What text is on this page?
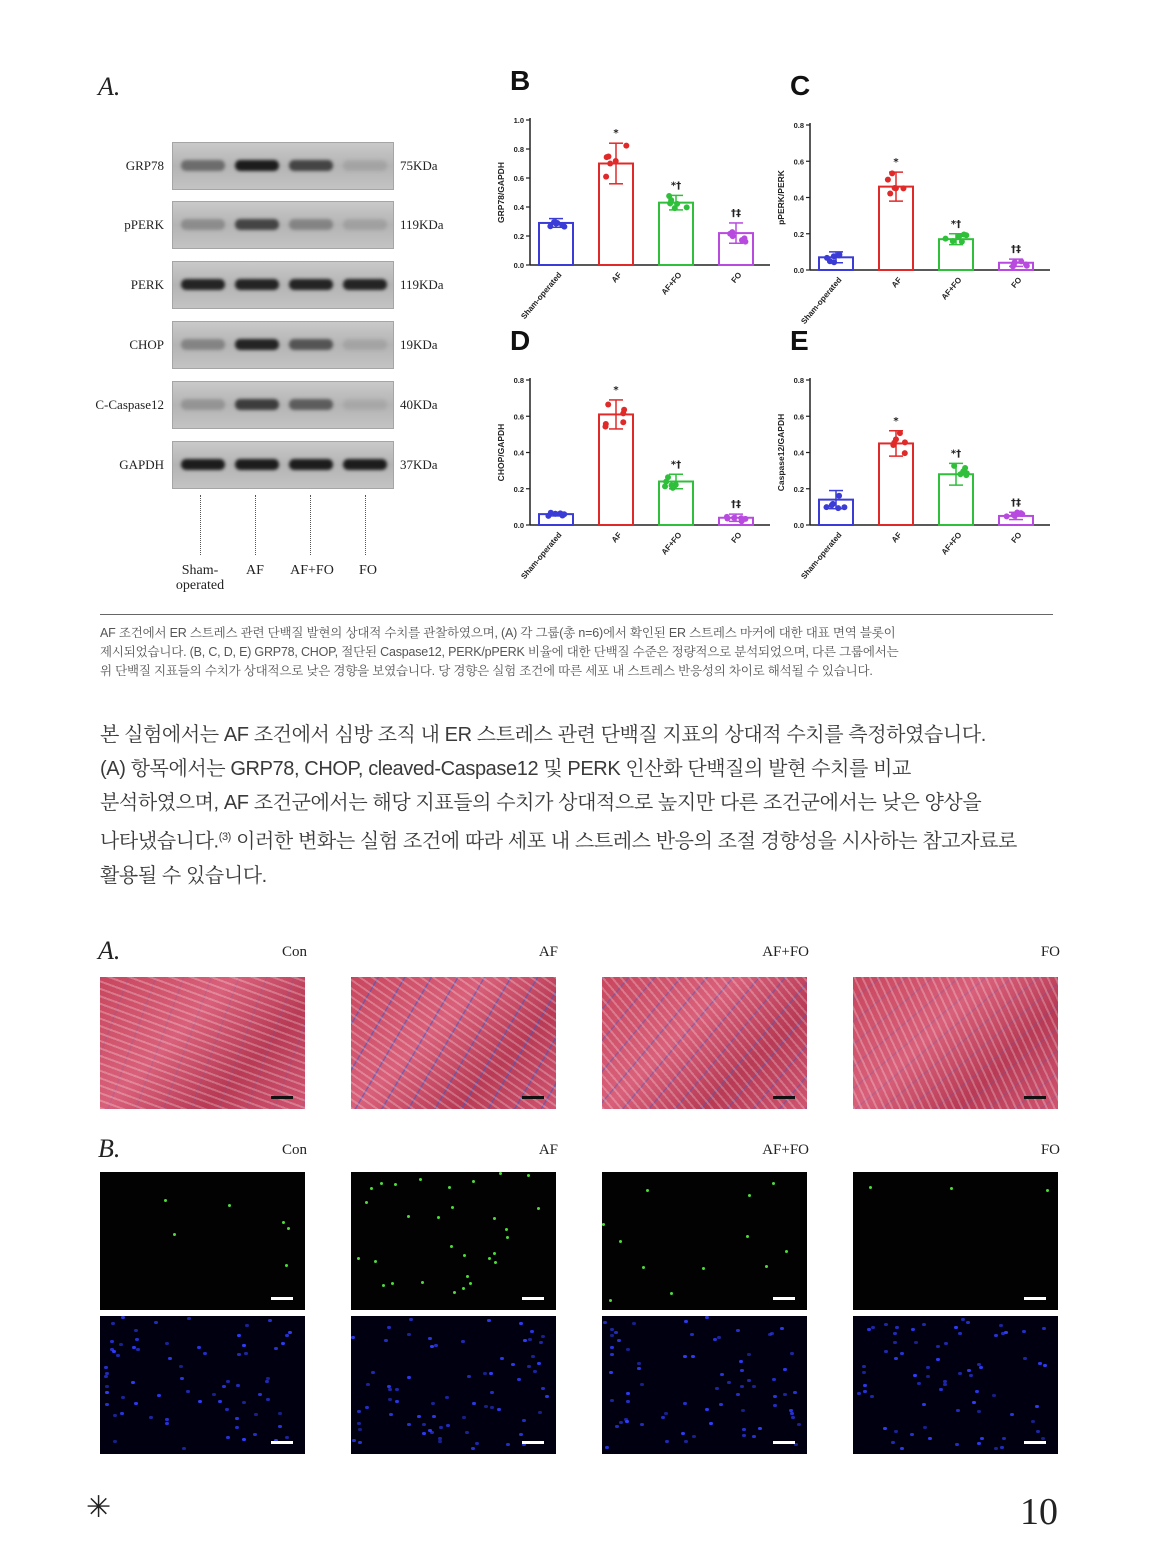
A.
GRP78	75KDa
pPERK	119KDa
PERK	119KDa
CHOP	19KDa
C-Caspase12	40KDa
GAPDH	37KDa
Sham-
operated
AF	AF+FO	FO
B
0.0
0.2
0.4
0.6
0.8
1.0
GRP78/GAPDH
Sham-operated
*
AF
*†
AF+FO
†‡
FO
C
0.0
0.2
0.4
0.6
0.8
pPERK/PERK
Sham-operated
*
AF
*†
AF+FO
†‡
FO
D
0.0
0.2
0.4
0.6
0.8
CHOP/GAPDH
Sham-operated
*
AF
*†
AF+FO
†‡
FO
E
0.0
0.2
0.4
0.6
0.8
Caspase12/GAPDH
Sham-operated
*
AF
*†
AF+FO
†‡
FO
AF 조건에서 ER 스트레스 관련 단백질 발현의 상대적 수치를 관찰하였으며, (A) 각 그룹(총 n=6)에서 확인된 ER 스트레스 마커에 대한 대표 면역 블롯이
제시되었습니다. (B, C, D, E) GRP78, CHOP, 절단된 Caspase12, PERK/pPERK 비율에 대한 단백질 수준은 정량적으로 분석되었으며, 다른 그룹에서는
위 단백질 지표들의 수치가 상대적으로 낮은 경향을 보였습니다. 당 경향은 실험 조건에 따른 세포 내 스트레스 반응성의 차이로 해석될 수 있습니다.
본 실험에서는 AF 조건에서 심방 조직 내 ER 스트레스 관련 단백질 지표의 상대적 수치를 측정하였습니다.
(A) 항목에서는 GRP78, CHOP, cleaved-Caspase12 및 PERK 인산화 단백질의 발현 수치를 비교
분석하였으며, AF 조건군에서는 해당 지표들의 수치가 상대적으로 높지만 다른 조건군에서는 낮은 양상을
나타냈습니다.$^{(3)}$ 이러한 변화는 실험 조건에 따라 세포 내 스트레스 반응의 조절 경향성을 시사하는 참고자료로
활용될 수 있습니다.
A.
B.
Con
Con
AF
AF
AF+FO
AF+FO
FO
FO
✳	10
